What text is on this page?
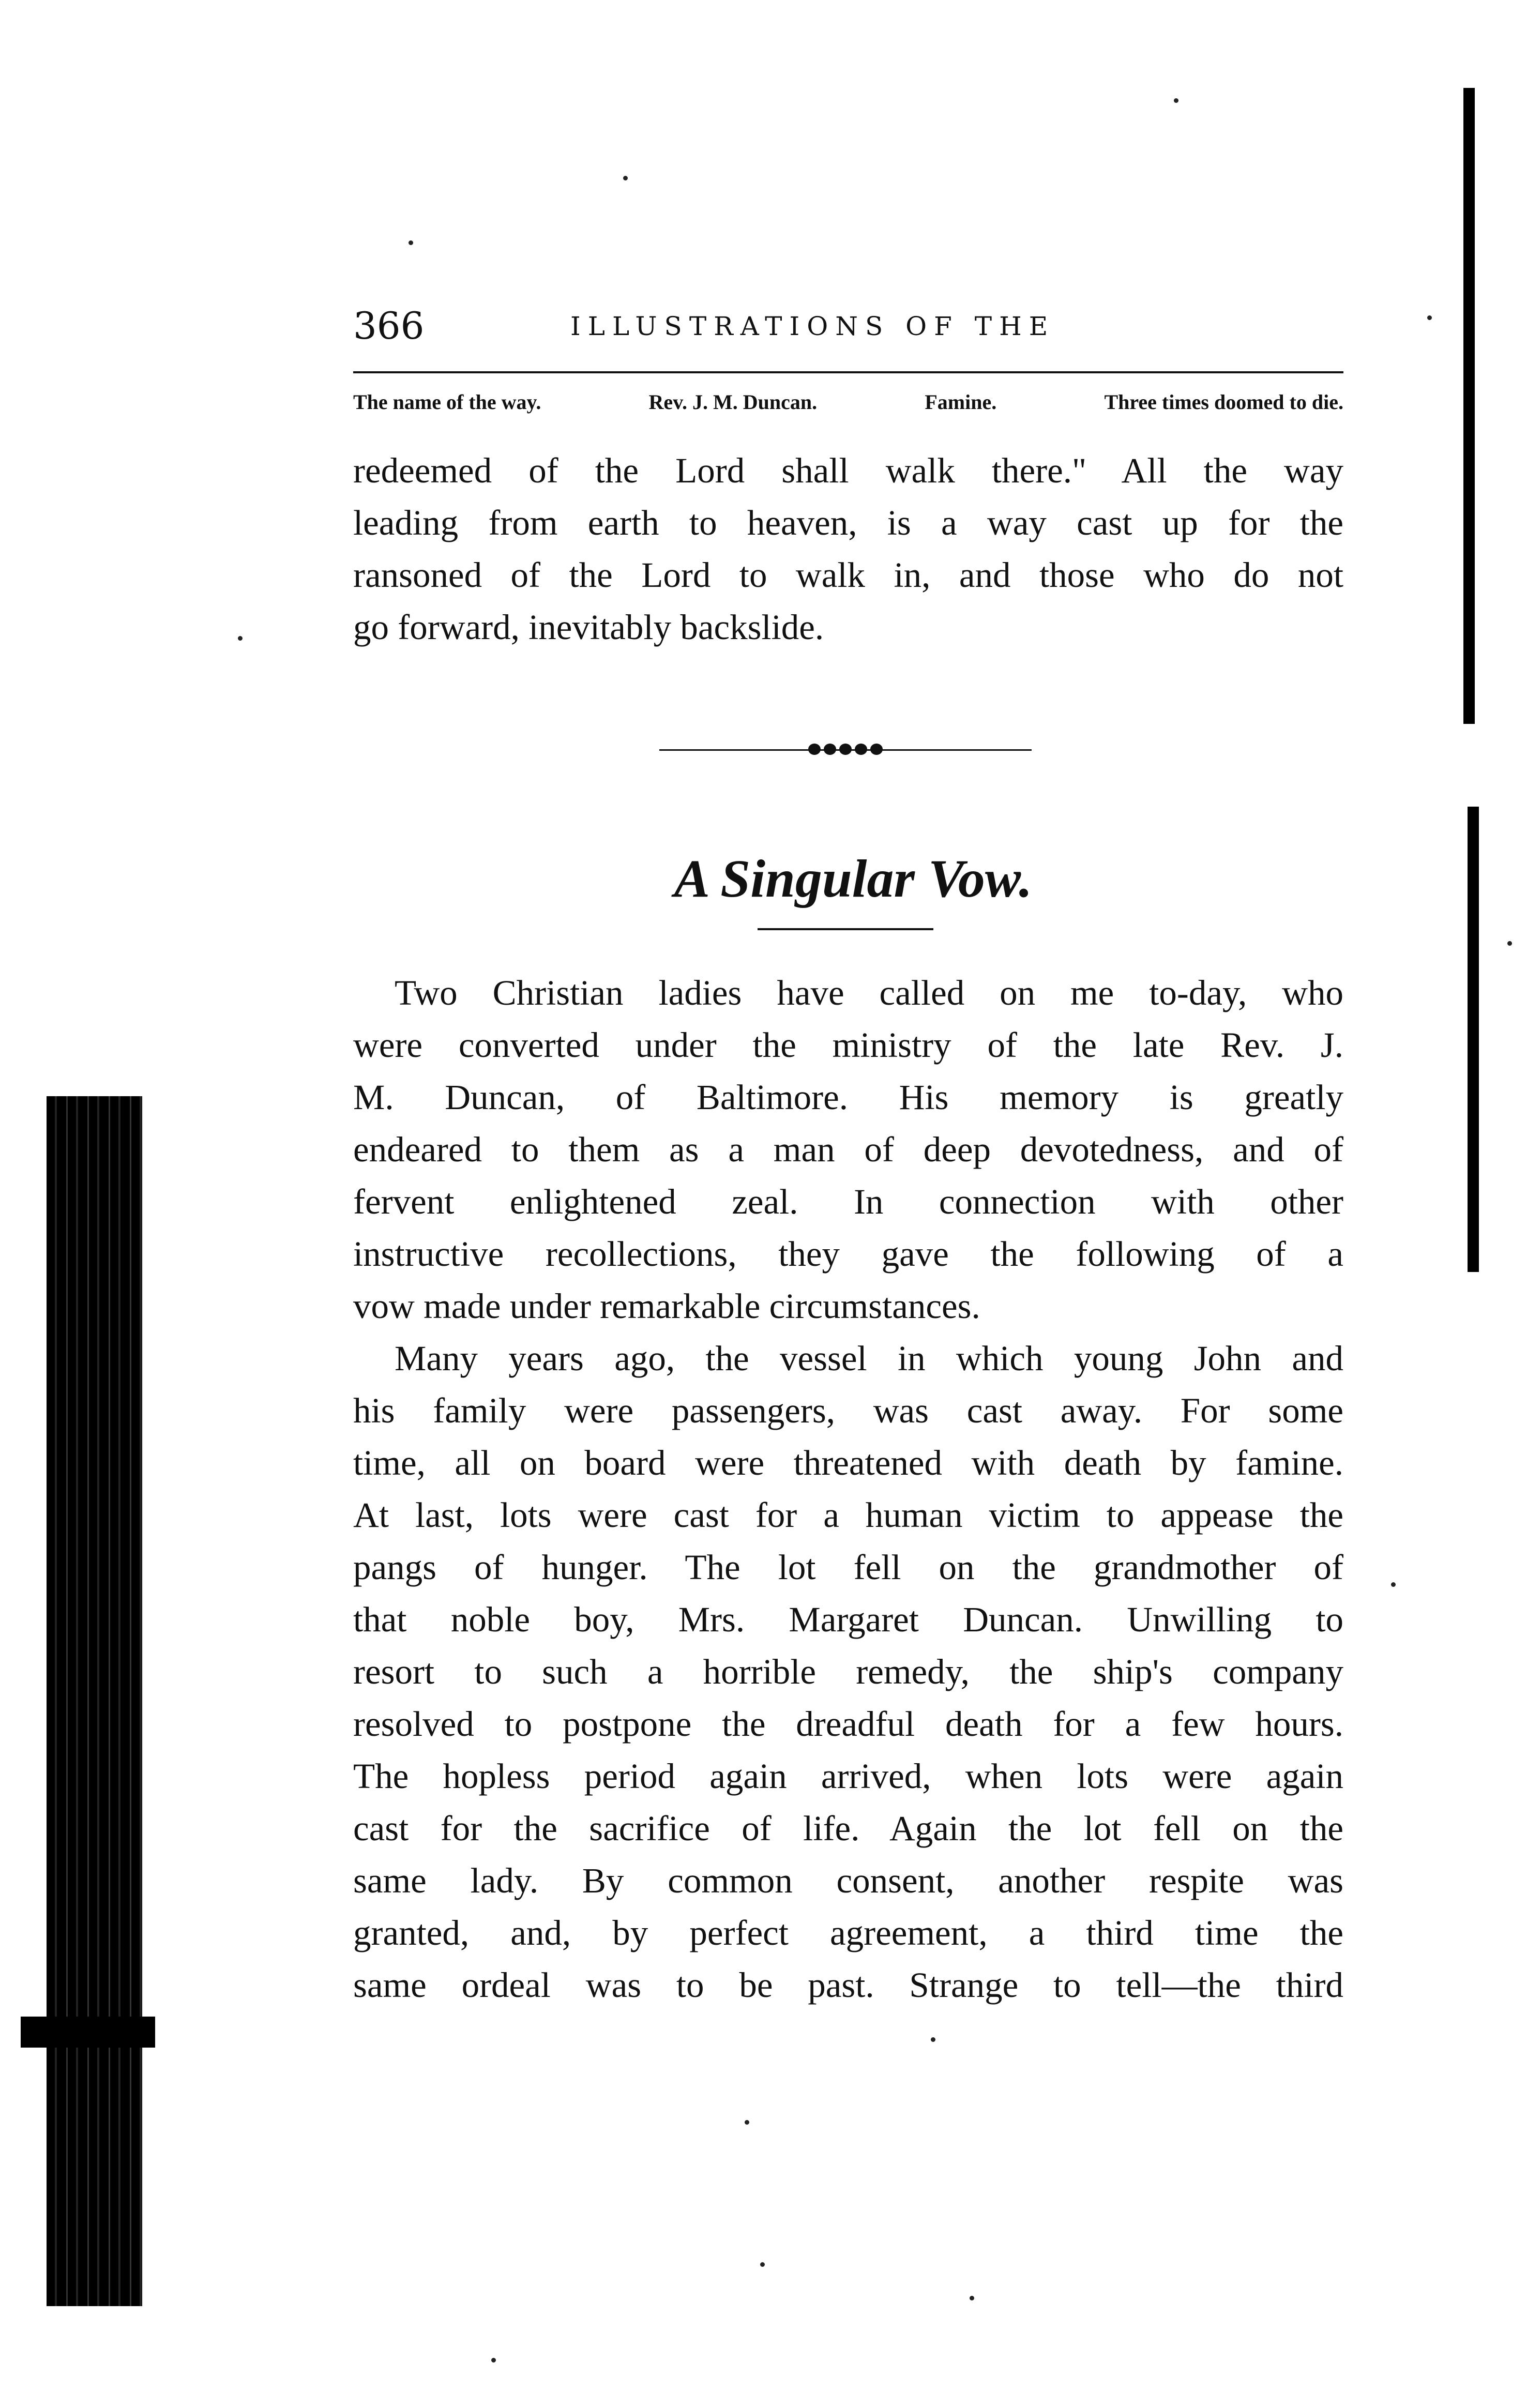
366	ILLUSTRATIONS OF THE
The name of the way.	Rev. J. M. Duncan.	Famine.	Three times doomed to die.
redeemed of the Lord shall walk there." All the way
leading from earth to heaven, is a way cast up for the
ransoned of the Lord to walk in, and those who do not
go forward, inevitably backslide.
A Singular Vow.
Two Christian ladies have called on me to-day, who
were converted under the ministry of the late Rev. J.
M. Duncan, of Baltimore. His memory is greatly
endeared to them as a man of deep devotedness, and of
fervent enlightened zeal. In connection with other
instructive recollections, they gave the following of a
vow made under remarkable circumstances.
Many years ago, the vessel in which young John and
his family were passengers, was cast away. For some
time, all on board were threatened with death by famine.
At last, lots were cast for a human victim to appease the
pangs of hunger. The lot fell on the grandmother of
that noble boy, Mrs. Margaret Duncan. Unwilling to
resort to such a horrible remedy, the ship's company
resolved to postpone the dreadful death for a few hours.
The hopless period again arrived, when lots were again
cast for the sacrifice of life. Again the lot fell on the
same lady. By common consent, another respite was
granted, and, by perfect agreement, a third time the
same ordeal was to be past. Strange to tell—the third
